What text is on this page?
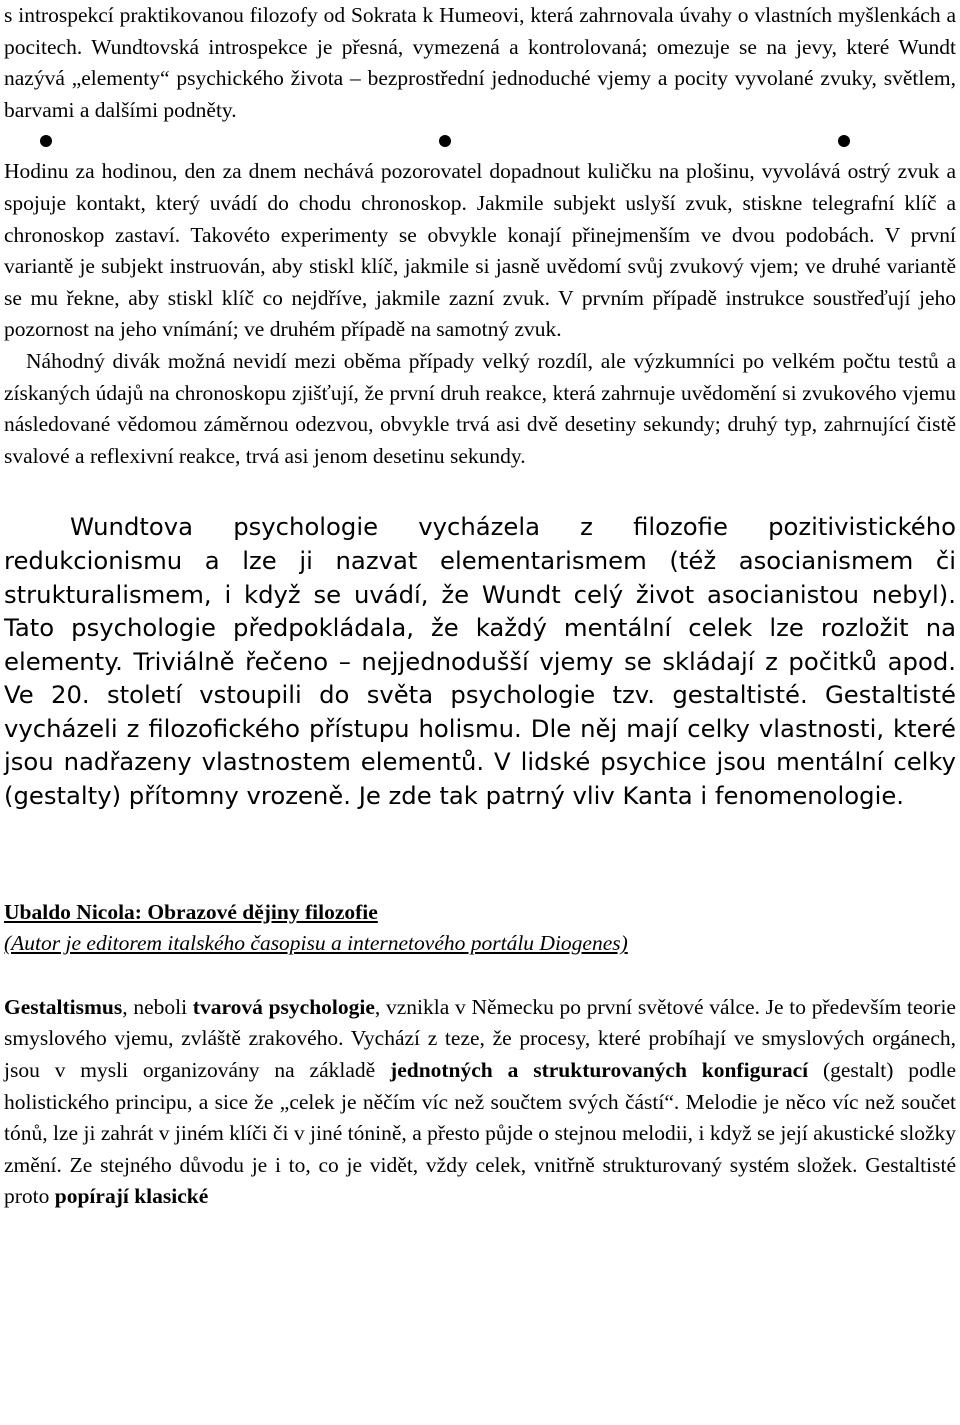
s introspekcí praktikovanou filozofy od Sokrata k Humeovi, která zahrnovala úvahy o vlastních myšlenkách a pocitech. Wundtovská introspekce je přesná, vymezená a kontrolovaná; omezuje se na jevy, které Wundt nazývá „elementy“ psychického života – bezprostřední jednoduché vjemy a pocity vyvolané zvuky, světlem, barvami a dalšími podněty.

Hodinu za hodinou, den za dnem nechává pozorovatel dopadnout kuličku na plošinu, vyvolává ostrý zvuk a spojuje kontakt, který uvádí do chodu chronoskop. Jakmile subjekt uslyší zvuk, stiskne telegrafní klíč a chronoskop zastaví. Takovéto experimenty se obvykle konají přinejmenším ve dvou podobách. V první variantě je subjekt instruován, aby stiskl klíč, jakmile si jasně uvědomí svůj zvukový vjem; ve druhé variantě se mu řekne, aby stiskl klíč co nejdříve, jakmile zazní zvuk. V prvním případě instrukce soustřeďují jeho pozornost na jeho vnímání; ve druhém případě na samotný zvuk.

Náhodný divák možná nevidí mezi oběma případy velký rozdíl, ale výzkumníci po velkém počtu testů a získaných údajů na chronoskopu zjišťují, že první druh reakce, která zahrnuje uvědomění si zvukového vjemu následované vědomou záměrnou odezvou, obvykle trvá asi dvě desetiny sekundy; druhý typ, zahrnující čistě svalové a reflexivní reakce, trvá asi jenom desetinu sekundy.

Wundtova psychologie vycházela z filozofie pozitivistického redukcionismu a lze ji nazvat elementarismem (též asocianismem či strukturalismem, i když se uvádí, že Wundt celý život asocianistou nebyl). Tato psychologie předpokládala, že každý mentální celek lze rozložit na elementy. Triviálně řečeno – nejjednodušší vjemy se skládají z počitků apod. Ve 20. století vstoupili do světa psychologie tzv. gestaltisté. Gestaltisté vycházeli z filozofického přístupu holismu. Dle něj mají celky vlastnosti, které jsou nadřazeny vlastnostem elementů. V lidské psychice jsou mentální celky (gestalty) přítomny vrozeně. Je zde tak patrný vliv Kanta i fenomenologie.

Ubaldo Nicola: Obrazové dějiny filozofie

(Autor je editorem italského časopisu a internetového portálu Diogenes)

Gestaltismus, neboli tvarová psychologie, vznikla v Německu po první světové válce. Je to především teorie smyslového vjemu, zvláště zrakového. Vychází z teze, že procesy, které probíhají ve smyslových orgánech, jsou v mysli organizovány na základě jednotných a strukturovaných konfigurací (gestalt) podle holistického principu, a sice že „celek je něčím víc než součtem svých částí“. Melodie je něco víc než součet tónů, lze ji zahrát v jiném klíči či v jiné tónině, a přesto půjde o stejnou melodii, i když se její akustické složky změní. Ze stejného důvodu je i to, co je vidět, vždy celek, vnitřně strukturovaný systém složek. Gestaltisté proto popírají klasické
